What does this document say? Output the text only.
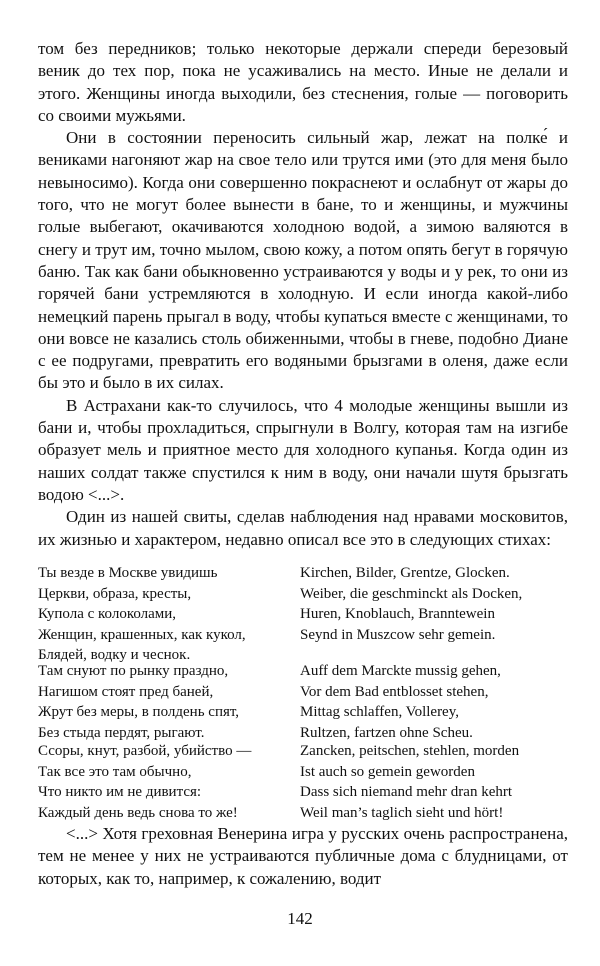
том без передников; только некоторые держали спереди березовый веник до тех пор, пока не усаживались на место. Иные не делали и этого. Женщины иногда выходили, без стеснения, голые — поговорить со своими мужьями.

Они в состоянии переносить сильный жар, лежат на полке́ и вениками нагоняют жар на свое тело или трутся ими (это для меня было невыносимо). Когда они совершенно покраснеют и ослабнут от жары до того, что не могут более вынести в бане, то и женщины, и мужчины голые выбегают, окачиваются холодною водой, а зимою валяются в снегу и трут им, точно мылом, свою кожу, а потом опять бегут в горячую баню. Так как бани обыкновенно устраиваются у воды и у рек, то они из горячей бани устремляются в холодную. И если иногда какой-либо немецкий парень прыгал в воду, чтобы купаться вместе с женщинами, то они вовсе не казались столь обиженными, чтобы в гневе, подобно Диане с ее подругами, превратить его водяными брызгами в оленя, даже если бы это и было в их силах.

В Астрахани как-то случилось, что 4 молодые женщины вышли из бани и, чтобы прохладиться, спрыгнули в Волгу, которая там на изгибе образует мель и приятное место для холодного купанья. Когда один из наших солдат также спустился к ним в воду, они начали шутя брызгать водою <...>.

Один из нашей свиты, сделав наблюдения над нравами московитов, их жизнью и характером, недавно описал все это в следующих стихах:

Ты везде в Москве увидишь
Церкви, образа, кресты,
Купола с колоколами,
Женщин, крашенных, как кукол,
Блядей, водку и чеснок.
Kirchen, Bilder, Grentze, Glocken.
Weiber, die geschminckt als Docken,
Huren, Knoblauch, Branntewein
Seynd in Muszcow sehr gemein.
Там снуют по рынку праздно,
Нагишом стоят пред баней,
Жрут без меры, в полдень спят,
Без стыда пердят, рыгают.
Auff dem Marckte mussig gehen,
Vor dem Bad entblosset stehen,
Mittag schlaffen, Vollerey,
Rultzen, fartzen ohne Scheu.
Ссоры, кнут, разбой, убийство —
Так все это там обычно,
Что никто им не дивится:
Каждый день ведь снова то же!
Zancken, peitschen, stehlen, morden
Ist auch so gemein geworden
Dass sich niemand mehr dran kehrt
Weil man’s taglich sieht und hört!

<...> Хотя греховная Венерина игра у русских очень распространена, тем не менее у них не устраиваются публичные дома с блудницами, от которых, как то, например, к сожалению, водит

142
